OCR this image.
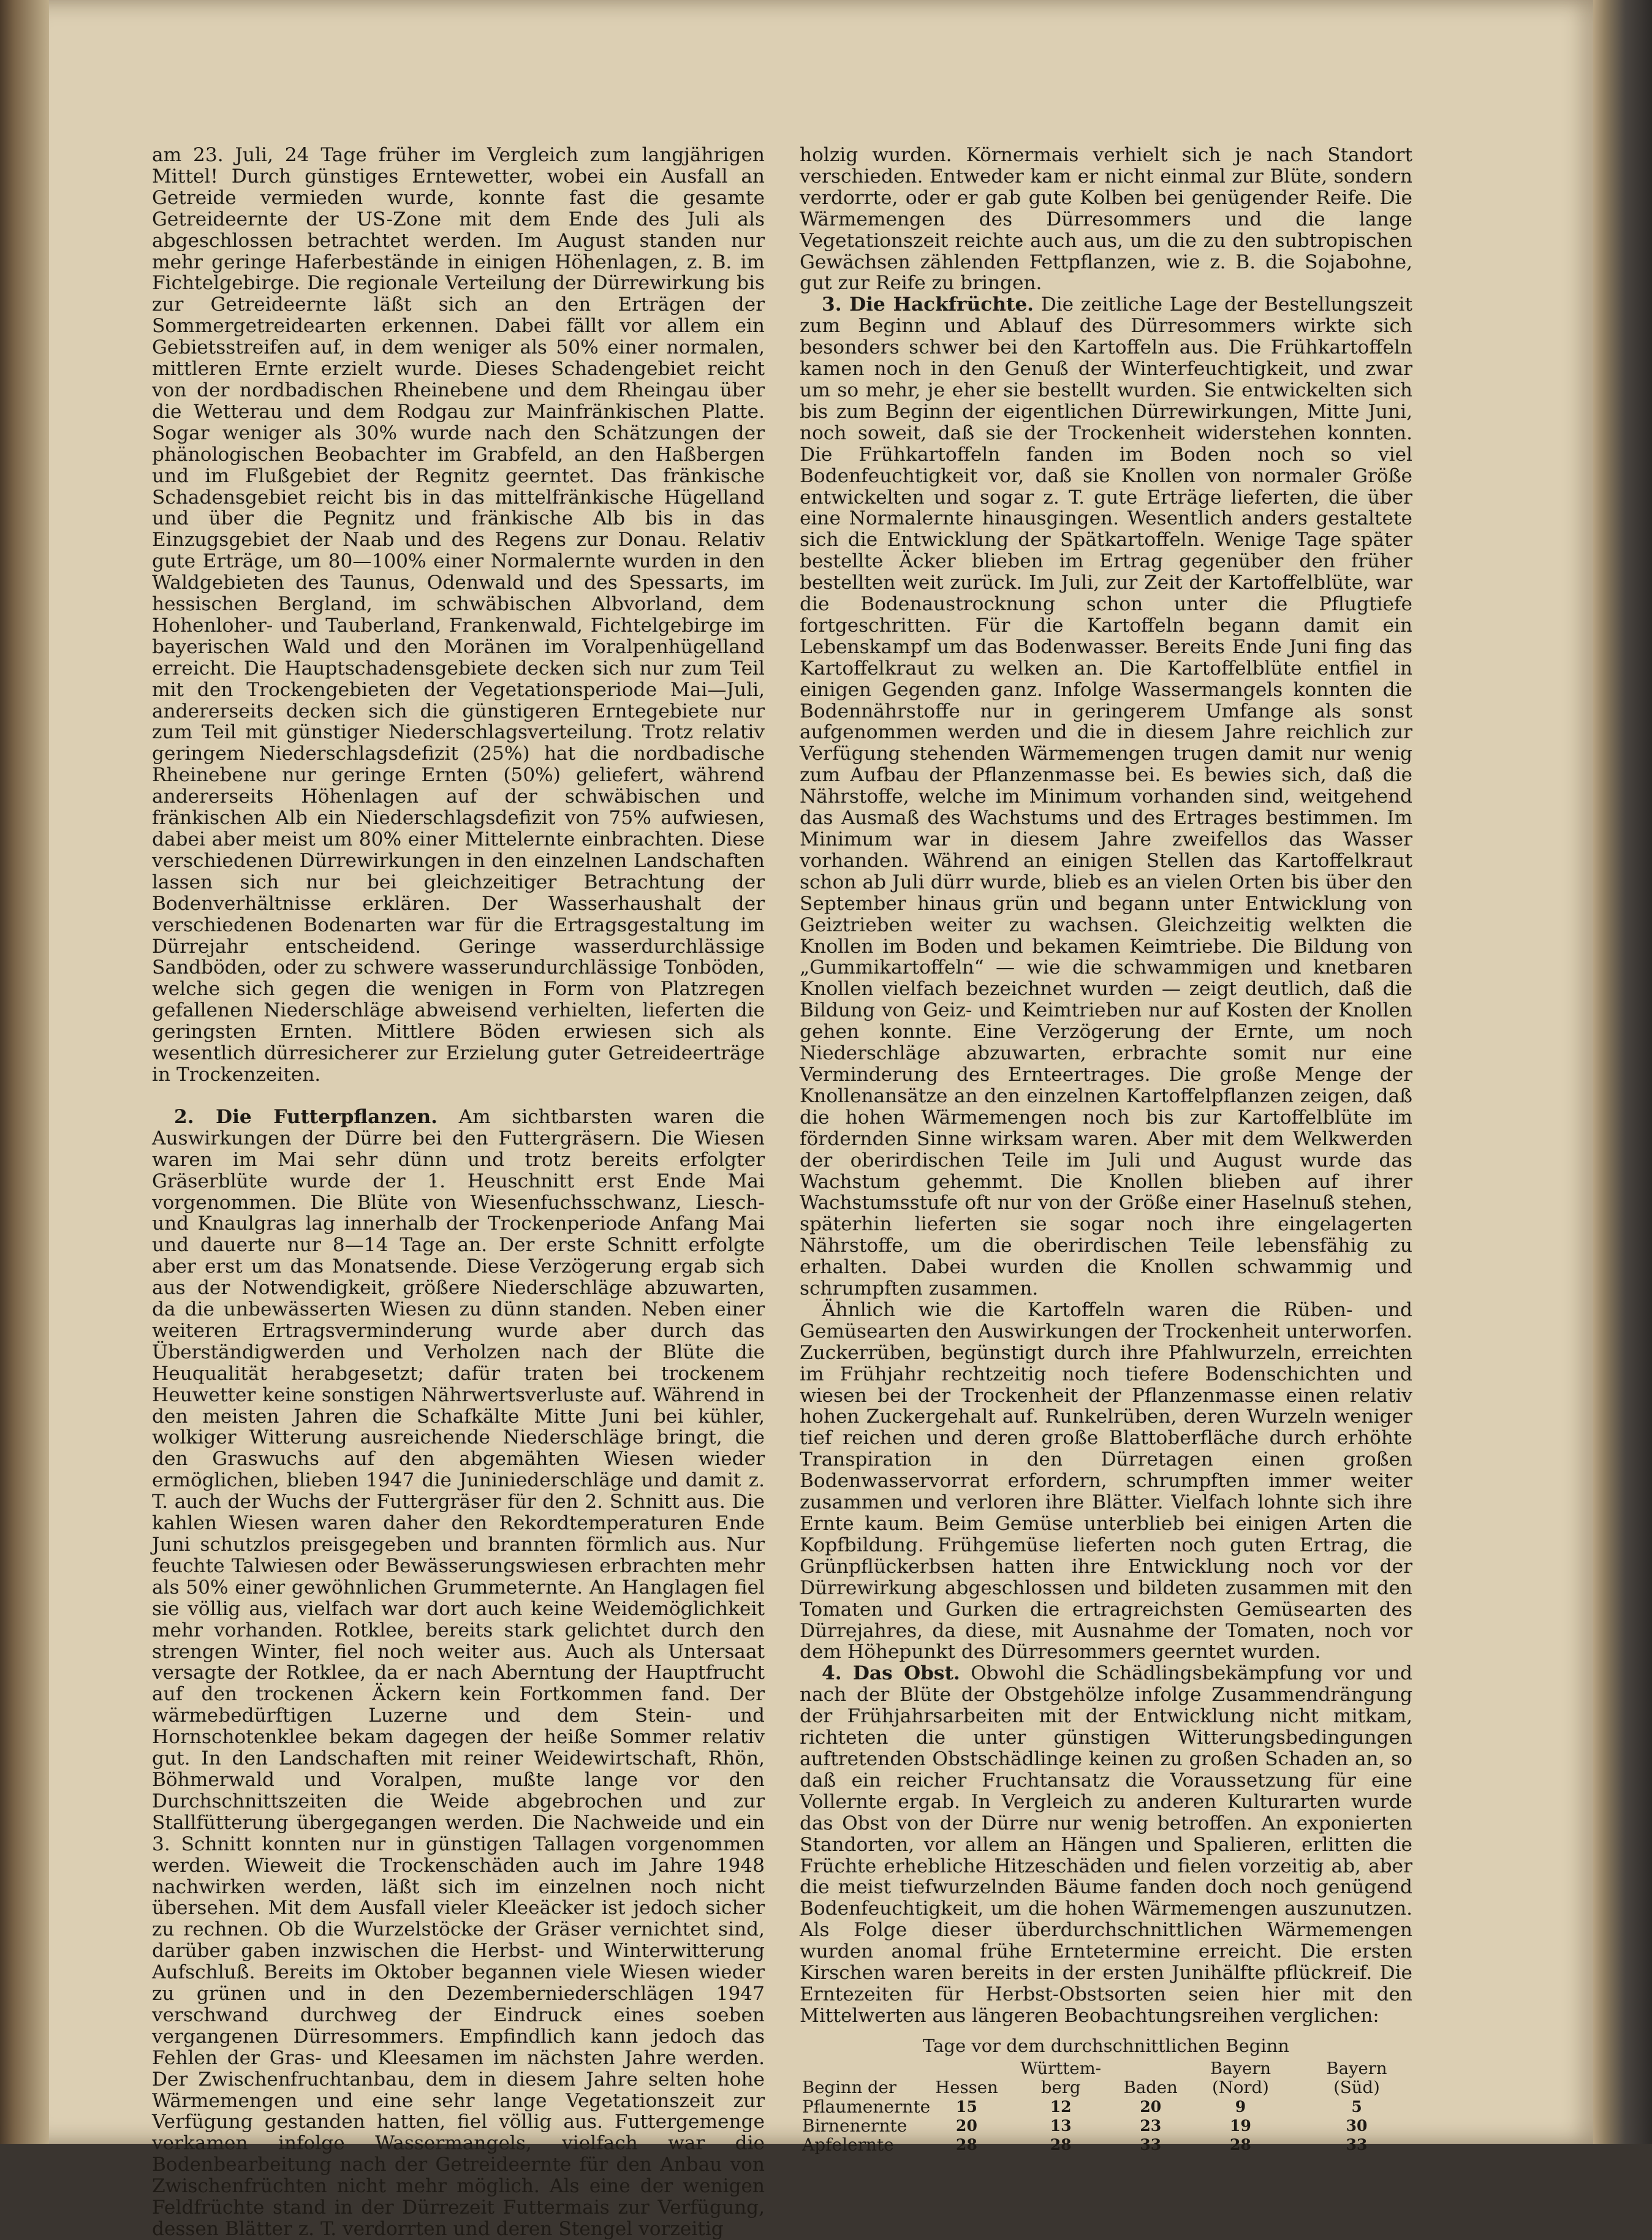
am 23. Juli, 24 Tage früher im Vergleich zum langjährigen Mittel! Durch günstiges Erntewetter, wobei ein Ausfall an Getreide vermieden wurde, konnte fast die gesamte Getreideernte der US-Zone mit dem Ende des Juli als abgeschlossen betrachtet werden. Im August standen nur mehr geringe Haferbestände in einigen Höhenlagen, z. B. im Fichtelgebirge. Die regionale Verteilung der Dürrewirkung bis zur Getreideernte läßt sich an den Erträgen der Sommergetreidearten erkennen. Dabei fällt vor allem ein Gebietsstreifen auf, in dem weniger als 50% einer normalen, mittleren Ernte erzielt wurde. Dieses Schadengebiet reicht von der nordbadischen Rheinebene und dem Rheingau über die Wetterau und dem Rodgau zur Mainfränkischen Platte. Sogar weniger als 30% wurde nach den Schätzungen der phänologischen Beobachter im Grabfeld, an den Haßbergen und im Flußgebiet der Regnitz geerntet. Das fränkische Schadensgebiet reicht bis in das mittelfränkische Hügelland und über die Pegnitz und fränkische Alb bis in das Einzugsgebiet der Naab und des Regens zur Donau. Relativ gute Erträge, um 80—100% einer Normalernte wurden in den Waldgebieten des Taunus, Odenwald und des Spessarts, im hessischen Bergland, im schwäbischen Albvorland, dem Hohenloher- und Tauberland, Frankenwald, Fichtelgebirge im bayerischen Wald und den Moränen im Voralpenhügelland erreicht. Die Hauptschadensgebiete decken sich nur zum Teil mit den Trockengebieten der Vegetationsperiode Mai—Juli, andererseits decken sich die günstigeren Erntegebiete nur zum Teil mit günstiger Niederschlagsverteilung. Trotz relativ geringem Niederschlagsdefizit (25%) hat die nordbadische Rheinebene nur geringe Ernten (50%) geliefert, während andererseits Höhenlagen auf der schwäbischen und fränkischen Alb ein Niederschlagsdefizit von 75% aufwiesen, dabei aber meist um 80% einer Mittelernte einbrachten. Diese verschiedenen Dürrewirkungen in den einzelnen Landschaften lassen sich nur bei gleichzeitiger Betrachtung der Bodenverhältnisse erklären. Der Wasserhaushalt der verschiedenen Bodenarten war für die Ertragsgestaltung im Dürrejahr entscheidend. Geringe wasserdurchlässige Sandböden, oder zu schwere wasserundurchlässige Tonböden, welche sich gegen die wenigen in Form von Platzregen gefallenen Niederschläge abweisend verhielten, lieferten die geringsten Ernten. Mittlere Böden erwiesen sich als wesentlich dürresicherer zur Erzielung guter Getreideerträge in Trockenzeiten.

2. Die Futterpflanzen. Am sichtbarsten waren die Auswirkungen der Dürre bei den Futtergräsern. Die Wiesen waren im Mai sehr dünn und trotz bereits erfolgter Gräserblüte wurde der 1. Heuschnitt erst Ende Mai vorgenommen. Die Blüte von Wiesenfuchsschwanz, Liesch- und Knaulgras lag innerhalb der Trockenperiode Anfang Mai und dauerte nur 8—14 Tage an. Der erste Schnitt erfolgte aber erst um das Monatsende. Diese Verzögerung ergab sich aus der Notwendigkeit, größere Niederschläge abzuwarten, da die unbewässerten Wiesen zu dünn standen. Neben einer weiteren Ertragsverminderung wurde aber durch das Überständigwerden und Verholzen nach der Blüte die Heuqualität herabgesetzt; dafür traten bei trockenem Heuwetter keine sonstigen Nährwertsverluste auf. Während in den meisten Jahren die Schafkälte Mitte Juni bei kühler, wolkiger Witterung ausreichende Niederschläge bringt, die den Graswuchs auf den abgemähten Wiesen wieder ermöglichen, blieben 1947 die Juniniederschläge und damit z. T. auch der Wuchs der Futtergräser für den 2. Schnitt aus. Die kahlen Wiesen waren daher den Rekordtemperaturen Ende Juni schutzlos preisgegeben und brannten förmlich aus. Nur feuchte Talwiesen oder Bewässerungswiesen erbrachten mehr als 50% einer gewöhnlichen Grummeternte. An Hanglagen fiel sie völlig aus, vielfach war dort auch keine Weidemöglichkeit mehr vorhanden. Rotklee, bereits stark gelichtet durch den strengen Winter, fiel noch weiter aus. Auch als Untersaat versagte der Rotklee, da er nach Aberntung der Hauptfrucht auf den trockenen Äckern kein Fortkommen fand. Der wärmebedürftigen Luzerne und dem Stein- und Hornschotenklee bekam dagegen der heiße Sommer relativ gut. In den Landschaften mit reiner Weidewirtschaft, Rhön, Böhmerwald und Voralpen, mußte lange vor den Durchschnittszeiten die Weide abgebrochen und zur Stallfütterung übergegangen werden. Die Nachweide und ein 3. Schnitt konnten nur in günstigen Tallagen vorgenommen werden. Wieweit die Trockenschäden auch im Jahre 1948 nachwirken werden, läßt sich im einzelnen noch nicht übersehen. Mit dem Ausfall vieler Kleeäcker ist jedoch sicher zu rechnen. Ob die Wurzelstöcke der Gräser vernichtet sind, darüber gaben inzwischen die Herbst- und Winterwitterung Aufschluß. Bereits im Oktober begannen viele Wiesen wieder zu grünen und in den Dezemberniederschlägen 1947 verschwand durchweg der Eindruck eines soeben vergangenen Dürresommers. Empfindlich kann jedoch das Fehlen der Gras- und Kleesamen im nächsten Jahre werden. Der Zwischenfruchtanbau, dem in diesem Jahre selten hohe Wärmemengen und eine sehr lange Vegetationszeit zur Verfügung gestanden hatten, fiel völlig aus. Futtergemenge verkamen infolge Wassermangels, vielfach war die Bodenbearbeitung nach der Getreideernte für den Anbau von Zwischenfrüchten nicht mehr möglich. Als eine der wenigen Feldfrüchte stand in der Dürrezeit Futtermais zur Verfügung, dessen Blätter z. T. verdorrten und deren Stengel vorzeitig

holzig wurden. Körnermais verhielt sich je nach Standort verschieden. Entweder kam er nicht einmal zur Blüte, sondern verdorrte, oder er gab gute Kolben bei genügender Reife. Die Wärmemengen des Dürresommers und die lange Vegetationszeit reichte auch aus, um die zu den subtropischen Gewächsen zählenden Fettpflanzen, wie z. B. die Sojabohne, gut zur Reife zu bringen.

3. Die Hackfrüchte. Die zeitliche Lage der Bestellungszeit zum Beginn und Ablauf des Dürresommers wirkte sich besonders schwer bei den Kartoffeln aus. Die Frühkartoffeln kamen noch in den Genuß der Winterfeuchtigkeit, und zwar um so mehr, je eher sie bestellt wurden. Sie entwickelten sich bis zum Beginn der eigentlichen Dürrewirkungen, Mitte Juni, noch soweit, daß sie der Trockenheit widerstehen konnten. Die Frühkartoffeln fanden im Boden noch so viel Bodenfeuchtigkeit vor, daß sie Knollen von normaler Größe entwickelten und sogar z. T. gute Erträge lieferten, die über eine Normalernte hinausgingen. Wesentlich anders gestaltete sich die Entwicklung der Spätkartoffeln. Wenige Tage später bestellte Äcker blieben im Ertrag gegenüber den früher bestellten weit zurück. Im Juli, zur Zeit der Kartoffelblüte, war die Bodenaustrocknung schon unter die Pflugtiefe fortgeschritten. Für die Kartoffeln begann damit ein Lebenskampf um das Bodenwasser. Bereits Ende Juni fing das Kartoffelkraut zu welken an. Die Kartoffelblüte entfiel in einigen Gegenden ganz. Infolge Wassermangels konnten die Bodennährstoffe nur in geringerem Umfange als sonst aufgenommen werden und die in diesem Jahre reichlich zur Verfügung stehenden Wärmemengen trugen damit nur wenig zum Aufbau der Pflanzenmasse bei. Es bewies sich, daß die Nährstoffe, welche im Minimum vorhanden sind, weitgehend das Ausmaß des Wachstums und des Ertrages bestimmen. Im Minimum war in diesem Jahre zweifellos das Wasser vorhanden. Während an einigen Stellen das Kartoffelkraut schon ab Juli dürr wurde, blieb es an vielen Orten bis über den September hinaus grün und begann unter Entwicklung von Geiztrieben weiter zu wachsen. Gleichzeitig welkten die Knollen im Boden und bekamen Keimtriebe. Die Bildung von „Gummikartoffeln“ — wie die schwammigen und knetbaren Knollen vielfach bezeichnet wurden — zeigt deutlich, daß die Bildung von Geiz- und Keimtrieben nur auf Kosten der Knollen gehen konnte. Eine Verzögerung der Ernte, um noch Niederschläge abzuwarten, erbrachte somit nur eine Verminderung des Ernteertrages. Die große Menge der Knollenansätze an den einzelnen Kartoffelpflanzen zeigen, daß die hohen Wärmemengen noch bis zur Kartoffelblüte im fördernden Sinne wirksam waren. Aber mit dem Welkwerden der oberirdischen Teile im Juli und August wurde das Wachstum gehemmt. Die Knollen blieben auf ihrer Wachstumsstufe oft nur von der Größe einer Haselnuß stehen, späterhin lieferten sie sogar noch ihre eingelagerten Nährstoffe, um die oberirdischen Teile lebensfähig zu erhalten. Dabei wurden die Knollen schwammig und schrumpften zusammen.

Ähnlich wie die Kartoffeln waren die Rüben- und Gemüsearten den Auswirkungen der Trockenheit unterworfen. Zuckerrüben, begünstigt durch ihre Pfahlwurzeln, erreichten im Frühjahr rechtzeitig noch tiefere Bodenschichten und wiesen bei der Trockenheit der Pflanzenmasse einen relativ hohen Zuckergehalt auf. Runkelrüben, deren Wurzeln weniger tief reichen und deren große Blattoberfläche durch erhöhte Transpiration in den Dürretagen einen großen Bodenwasservorrat erfordern, schrumpften immer weiter zusammen und verloren ihre Blätter. Vielfach lohnte sich ihre Ernte kaum. Beim Gemüse unterblieb bei einigen Arten die Kopfbildung. Frühgemüse lieferten noch guten Ertrag, die Grünpflückerbsen hatten ihre Entwicklung noch vor der Dürrewirkung abgeschlossen und bildeten zusammen mit den Tomaten und Gurken die ertragreichsten Gemüsearten des Dürrejahres, da diese, mit Ausnahme der Tomaten, noch vor dem Höhepunkt des Dürresommers geerntet wurden.

4. Das Obst. Obwohl die Schädlingsbekämpfung vor und nach der Blüte der Obstgehölze infolge Zusammendrängung der Frühjahrsarbeiten mit der Entwicklung nicht mitkam, richteten die unter günstigen Witterungsbedingungen auftretenden Obstschädlinge keinen zu großen Schaden an, so daß ein reicher Fruchtansatz die Voraussetzung für eine Vollernte ergab. In Vergleich zu anderen Kulturarten wurde das Obst von der Dürre nur wenig betroffen. An exponierten Standorten, vor allem an Hängen und Spalieren, erlitten die Früchte erhebliche Hitzeschäden und fielen vorzeitig ab, aber die meist tiefwurzelnden Bäume fanden doch noch genügend Bodenfeuchtigkeit, um die hohen Wärmemengen auszunutzen. Als Folge dieser überdurchschnittlichen Wärmemengen wurden anomal frühe Erntetermine erreicht. Die ersten Kirschen waren bereits in der ersten Junihälfte pflückreif. Die Erntezeiten für Herbst-Obstsorten seien hier mit den Mittelwerten aus längeren Beobachtungsreihen verglichen:

Tage vor dem durchschnittlichen Beginn
Beginn der	Hessen	Württem-berg	Baden	Bayern (Nord)	Bayern (Süd)
Pflaumenernte	15	12	20	9	5
Birnenernte	20	13	23	19	30
Apfelernte	28	28	33	28	33
